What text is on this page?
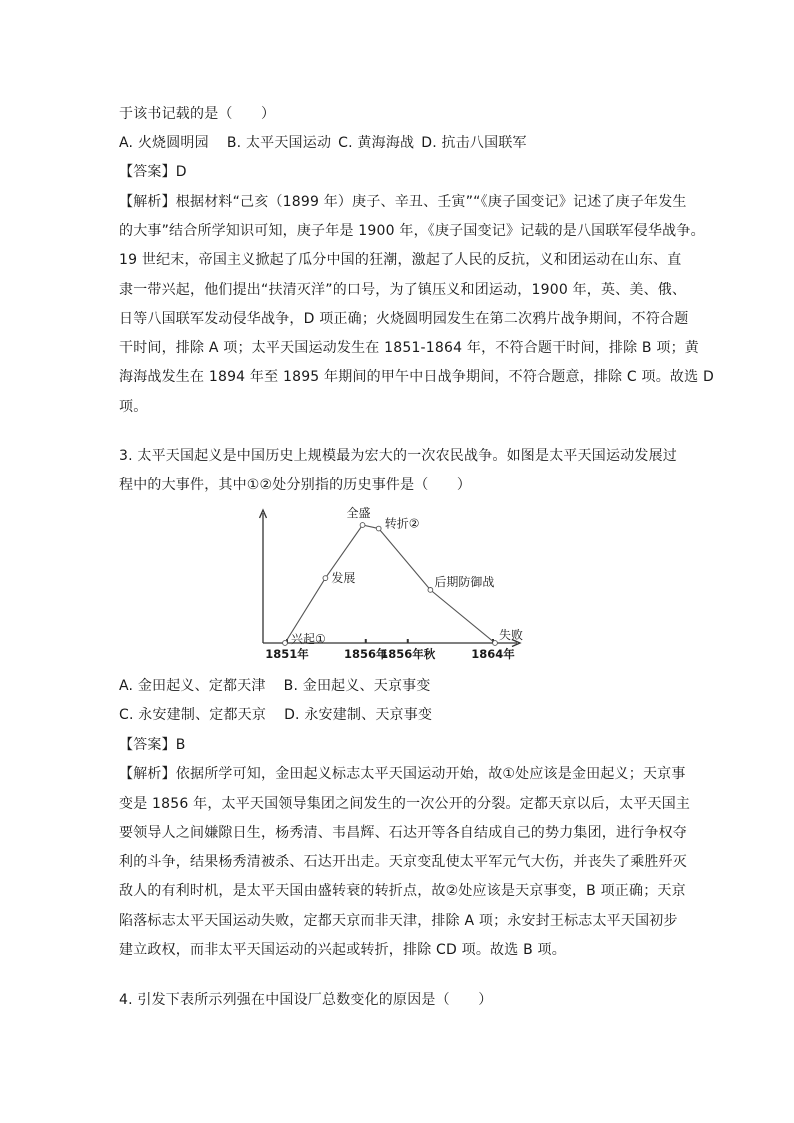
于该书记载的是（　　）
A. 火烧圆明园 B. 太平天国运动 C. 黄海海战 D. 抗击八国联军
【答案】D
【解析】根据材料“己亥（1899 年）庚子、辛丑、壬寅”“《庚子国变记》记述了庚子年发生
的大事”结合所学知识可知，庚子年是 1900 年，《庚子国变记》记载的是八国联军侵华战争。
19 世纪末，帝国主义掀起了瓜分中国的狂潮，激起了人民的反抗，义和团运动在山东、直
隶一带兴起，他们提出“扶清灭洋”的口号，为了镇压义和团运动，1900 年，英、美、俄、
日等八国联军发动侵华战争，D 项正确；火烧圆明园发生在第二次鸦片战争期间，不符合题
干时间，排除 A 项；太平天国运动发生在 1851-1864 年，不符合题干时间，排除 B 项；黄
海海战发生在 1894 年至 1895 年期间的甲午中日战争期间，不符合题意，排除 C 项。故选 D
项。
3. 太平天国起义是中国历史上规模最为宏大的一次农民战争。如图是太平天国运动发展过
程中的大事件，其中①②处分别指的历史事件是（　　）
1851年	1856年
1856年秋	1864年
兴起①
发展
全盛
转折②
后期防御战
失败
A. 金田起义、定都天津 B. 金田起义、天京事变
C. 永安建制、定都天京 D. 永安建制、天京事变
【答案】B
【解析】依据所学可知，金田起义标志太平天国运动开始，故①处应该是金田起义；天京事
变是 1856 年，太平天国领导集团之间发生的一次公开的分裂。定都天京以后，太平天国主
要领导人之间嫌隙日生，杨秀清、韦昌辉、石达开等各自结成自己的势力集团，进行争权夺
利的斗争，结果杨秀清被杀、石达开出走。天京变乱使太平军元气大伤，并丧失了乘胜歼灭
敌人的有利时机，是太平天国由盛转衰的转折点，故②处应该是天京事变，B 项正确；天京
陷落标志太平天国运动失败，定都天京而非天津，排除 A 项；永安封王标志太平天国初步
建立政权，而非太平天国运动的兴起或转折，排除 CD 项。故选 B 项。
4. 引发下表所示列强在中国设厂总数变化的原因是（　　）
